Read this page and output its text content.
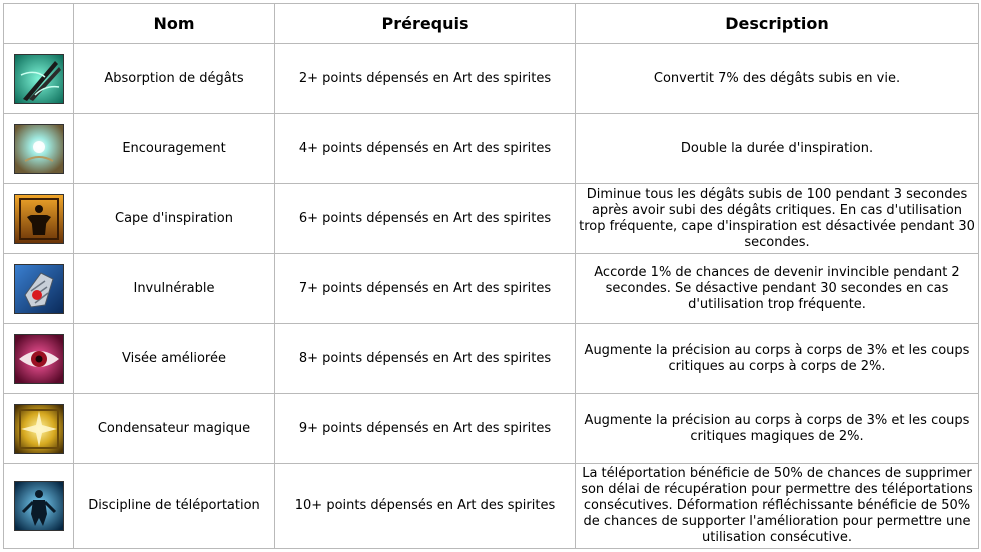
	Nom	Prérequis	Description

	Absorption de dégâts	2+ points dépensés en Art des spirites	Convertit 7% des dégâts subis en vie.

	Encouragement	4+ points dépensés en Art des spirites	Double la durée d'inspiration.

	Cape d'inspiration	6+ points dépensés en Art des spirites	Diminue tous les dégâts subis de 100 pendant 3 secondes après avoir subi des dégâts critiques. En cas d'utilisation trop fréquente, cape d'inspiration est désactivée pendant 30 secondes.

	Invulnérable	7+ points dépensés en Art des spirites	Accorde 1% de chances de devenir invincible pendant 2 secondes. Se désactive pendant 30 secondes en cas d'utilisation trop fréquente.

	Visée améliorée	8+ points dépensés en Art des spirites	Augmente la précision au corps à corps de 3% et les coups critiques au corps à corps de 2%.

	Condensateur magique	9+ points dépensés en Art des spirites	Augmente la précision au corps à corps de 3% et les coups critiques magiques de 2%.

	Discipline de téléportation	10+ points dépensés en Art des spirites	La téléportation bénéficie de 50% de chances de supprimer son délai de récupération pour permettre des téléportations consécutives. Déformation réfléchissante bénéficie de 50% de chances de supporter l'amélioration pour permettre une utilisation consécutive.
